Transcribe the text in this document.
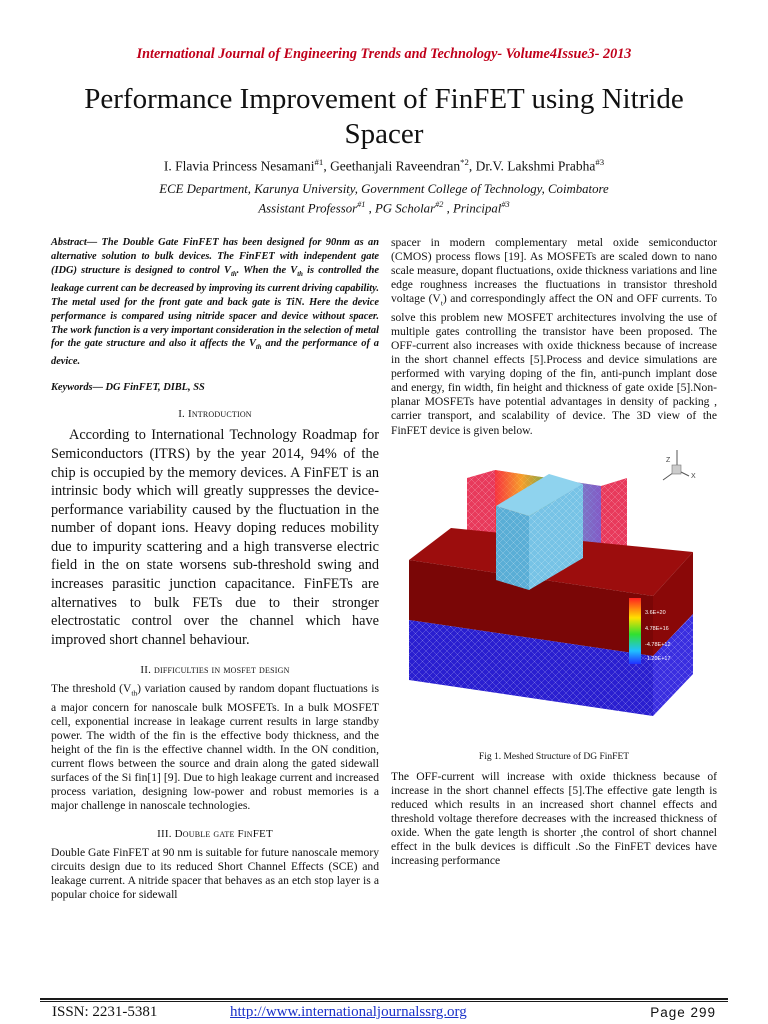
International Journal of Engineering Trends and Technology- Volume4Issue3- 2013
Performance Improvement of FinFET using Nitride
Spacer
I. Flavia Princess Nesamani$^{\#1}$, Geethanjali Raveendran$^{*2}$, Dr.V. Lakshmi Prabha$^{\#3}$
ECE Department, Karunya University, Government College of Technology, Coimbatore
Assistant Professor$^{\#1}$ , PG Scholar$^{\#2}$ , Principal$^{\#3}$

Abstract— The Double Gate FinFET has been designed for 90nm as an alternative solution to bulk devices. The FinFET with independent gate (IDG) structure is designed to control $V_{th}$. When the $V_{th}$ is controlled the leakage current can be decreased by improving its current driving capability. The metal used for the front gate and back gate is TiN. Here the device performance is compared using nitride spacer and device without spacer. The work function is a very important consideration in the selection of metal for the gate structure and also it affects the $V_{th}$ and the performance of a device.

Keywords— DG FinFET, DIBL, SS

I. Introduction

According to International Technology Roadmap for Semiconductors (ITRS) by the year 2014, 94% of the chip is occupied by the memory devices. A FinFET is an intrinsic body which will greatly suppresses the device-performance variability caused by the fluctuation in the number of dopant ions. Heavy doping reduces mobility due to impurity scattering and a high transverse electric field in the on state worsens sub-threshold swing and increases parasitic junction capacitance. FinFETs are alternatives to bulk FETs due to their stronger electrostatic control over the channel which have improved short channel behaviour.

II. difficulties in mosfet design

The threshold $(V_{th})$ variation caused by random dopant fluctuations is a major concern for nanoscale bulk MOSFETs. In a bulk MOSFET cell, exponential increase in leakage current results in large standby power. The width of the fin is the effective body thickness, and the height of the fin is the effective channel width. In the ON condition, current flows between the source and drain along the gated sidewall surfaces of the Si fin[1] [9]. Due to high leakage current and increased process variation, designing low-power and robust memories is a major challenge in nanoscale technologies.

III. Double gate FinFET

Double Gate FinFET at 90 nm is suitable for future nanoscale memory circuits design due to its reduced Short Channel Effects (SCE) and leakage current. A nitride spacer that behaves as an etch stop layer is a popular choice for sidewall

spacer in modern complementary metal oxide semiconductor (CMOS) process flows [19]. As MOSFETs are scaled down to nano scale measure, dopant fluctuations, oxide thickness variations and line edge roughness increases the fluctuations in transistor threshold voltage $(V_t)$ and correspondingly affect the ON and OFF currents. To solve this problem new MOSFET architectures involving the use of multiple gates controlling the transistor have been proposed. The OFF-current also increases with oxide thickness because of increase in the short channel effects [5].Process and device simulations are performed with varying doping of the fin, anti-punch implant dose and energy, fin width, fin height and thickness of gate oxide [5].Non-planar MOSFETs have potential advantages in density of packing , carrier transport, and scalability of device. The 3D view of the FinFET device is given below.

Z
X
3.6E+20
4.78E+16
-4.78E+12
-1.20E+17
Fig 1. Meshed Structure of DG FinFET

The OFF-current will increase with oxide thickness because of increase in the short channel effects [5].The effective gate length is reduced which results in an increased short channel effects and threshold voltage therefore decreases with the increased thickness of oxide. When the gate length is shorter ,the control of short channel effect in the bulk devices is difficult .So the FinFET devices have increasing performance

ISSN: 2231-5381	http://www.internationaljournalssrg.org	Page 299
